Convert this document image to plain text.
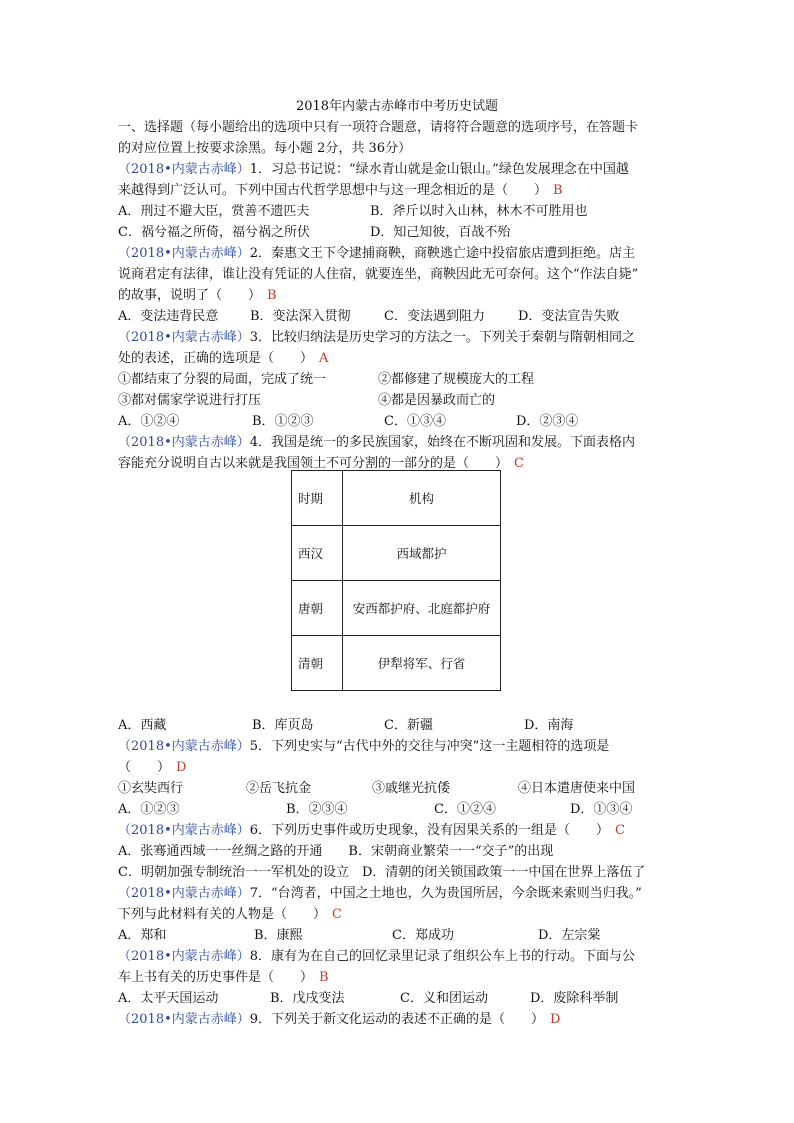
2018年内蒙古赤峰市中考历史试题
一、选择题（每小题给出的选项中只有一项符合题意，请将符合题意的选项序号，在答题卡
的对应位置上按要求涂黑。每小题 2分，共 36分）
（2018•内蒙古赤峰）1．习总书记说：“绿水青山就是金山银山。”绿色发展理念在中国越
来越得到广泛认可。下列中国古代哲学思想中与这一理念相近的是（　　） B
A．刑过不避大臣，赏善不遗匹夫	B．斧斤以时入山林，林木不可胜用也
C．祸兮福之所倚，福兮祸之所伏	D．知己知彼，百战不殆
（2018•内蒙古赤峰）2．秦惠文王下令逮捕商鞅，商鞅逃亡途中投宿旅店遭到拒绝。店主
说商君定有法律，谁让没有凭证的人住宿，就要连坐，商鞅因此无可奈何。这个“作法自毙”
的故事，说明了（　　） B
A．变法违背民意 B．变法深入贯彻	C．变法遇到阻力	D．变法宣告失败
（2018•内蒙古赤峰）3．比较归纳法是历史学习的方法之一。下列关于秦朝与隋朝相同之
处的表述，正确的选项是（　　） A
①都结束了分裂的局面，完成了统一	②都修建了规模庞大的工程
③都对儒家学说进行打压	④都是因暴政而亡的
A．①②④	B．①②③	C．①③④	D．②③④
（2018•内蒙古赤峰）4．我国是统一的多民族国家，始终在不断巩固和发展。下面表格内
容能充分说明自古以来就是我国领土不可分割的一部分的是（　　） C
时期	机构
西汉	西域都护
唐朝	安西都护府、北庭都护府
清朝	伊犁将军、行省
A．西藏	B．库页岛	C．新疆	D．南海
（2018•内蒙古赤峰）5．下列史实与“古代中外的交往与冲突”这一主题相符的选项是
（　　） D
①玄奘西行	②岳飞抗金	③戚继光抗倭	④日本遣唐使来中国
A．①②③	B．②③④	C．①②④	D．①③④
（2018•内蒙古赤峰）6．下列历史事件或历史现象，没有因果关系的一组是（　　） C
A．张骞通西域一一丝绸之路的开通　　B．宋朝商业繁荣一一“交子”的出现
C．明朝加强专制统治一一军机处的设立　D．清朝的闭关锁国政策一一中国在世界上落伍了
（2018•内蒙古赤峰）7．“台湾者，中国之土地也，久为贵国所居，今余既来索则当归我。”
下列与此材料有关的人物是（　　） C
A．郑和	B．康熙	C．郑成功	D．左宗棠
（2018•内蒙古赤峰）8．康有为在自己的回忆录里记录了组织公车上书的行动。下面与公
车上书有关的历史事件是（　　） B
A．太平天国运动	B．戊戌变法	C．义和团运动	D．废除科举制
（2018•内蒙古赤峰）9．下列关于新文化运动的表述不正确的是（　　） D
